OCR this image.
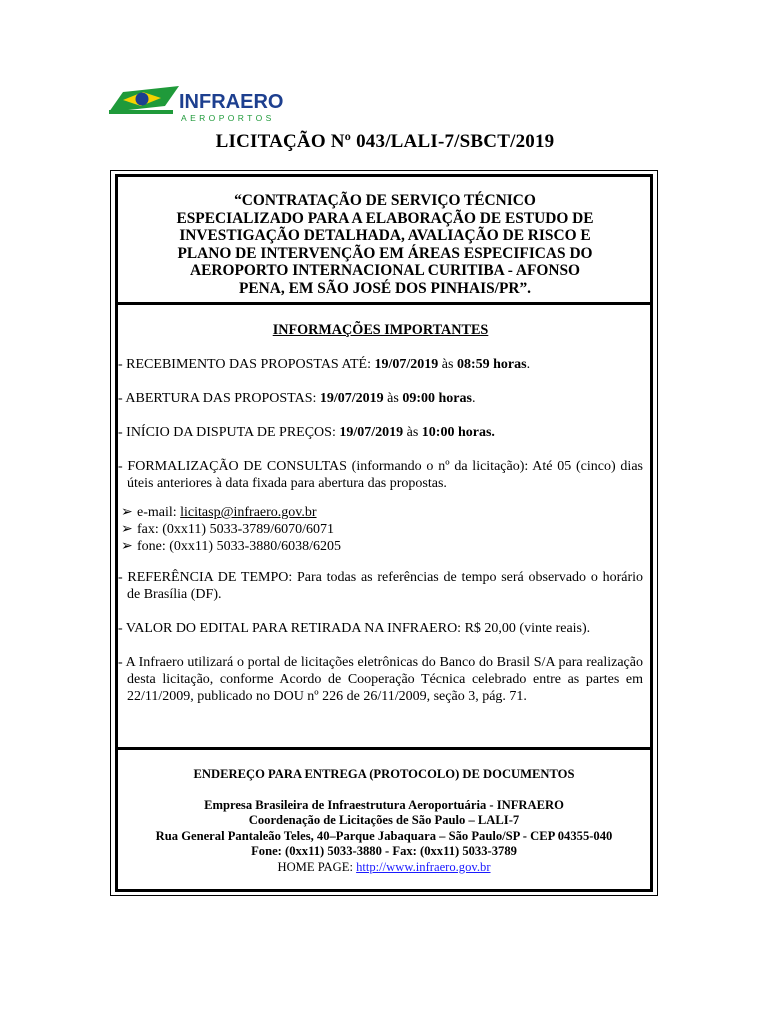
INFRAERO
AEROPORTOS
LICITAÇÃO Nº 043/LALI-7/SBCT/2019
“CONTRATAÇÃO DE SERVIÇO TÉCNICO
ESPECIALIZADO PARA A ELABORAÇÃO DE ESTUDO DE
INVESTIGAÇÃO DETALHADA, AVALIAÇÃO DE RISCO E
PLANO DE INTERVENÇÃO EM ÁREAS ESPECIFICAS DO
AEROPORTO INTERNACIONAL CURITIBA - AFONSO
PENA, EM SÃO JOSÉ DOS PINHAIS/PR”.
INFORMAÇÕES IMPORTANTES
- RECEBIMENTO DAS PROPOSTAS ATÉ: 19/07/2019 às 08:59 horas.
- ABERTURA DAS PROPOSTAS: 19/07/2019 às 09:00 horas.
- INÍCIO DA DISPUTA DE PREÇOS: 19/07/2019 às 10:00 horas.
- FORMALIZAÇÃO DE CONSULTAS (informando o nº da licitação): Até 05 (cinco) dias úteis anteriores à data fixada para abertura das propostas.
➢ e-mail: licitasp@infraero.gov.br
➢ fax: (0xx11) 5033-3789/6070/6071
➢ fone: (0xx11) 5033-3880/6038/6205
- REFERÊNCIA DE TEMPO: Para todas as referências de tempo será observado o horário de Brasília (DF).
- VALOR DO EDITAL PARA RETIRADA NA INFRAERO: R$ 20,00 (vinte reais).
- A Infraero utilizará o portal de licitações eletrônicas do Banco do Brasil S/A para realização desta licitação, conforme Acordo de Cooperação Técnica celebrado entre as partes em 22/11/2009, publicado no DOU nº 226 de 26/11/2009, seção 3, pág. 71.
ENDEREÇO PARA ENTREGA (PROTOCOLO) DE DOCUMENTOS
Empresa Brasileira de Infraestrutura Aeroportuária - INFRAERO
Coordenação de Licitações de São Paulo – LALI-7
Rua General Pantaleão Teles, 40–Parque Jabaquara – São Paulo/SP - CEP 04355-040
Fone: (0xx11) 5033-3880 - Fax: (0xx11) 5033-3789
HOME PAGE: http://www.infraero.gov.br
